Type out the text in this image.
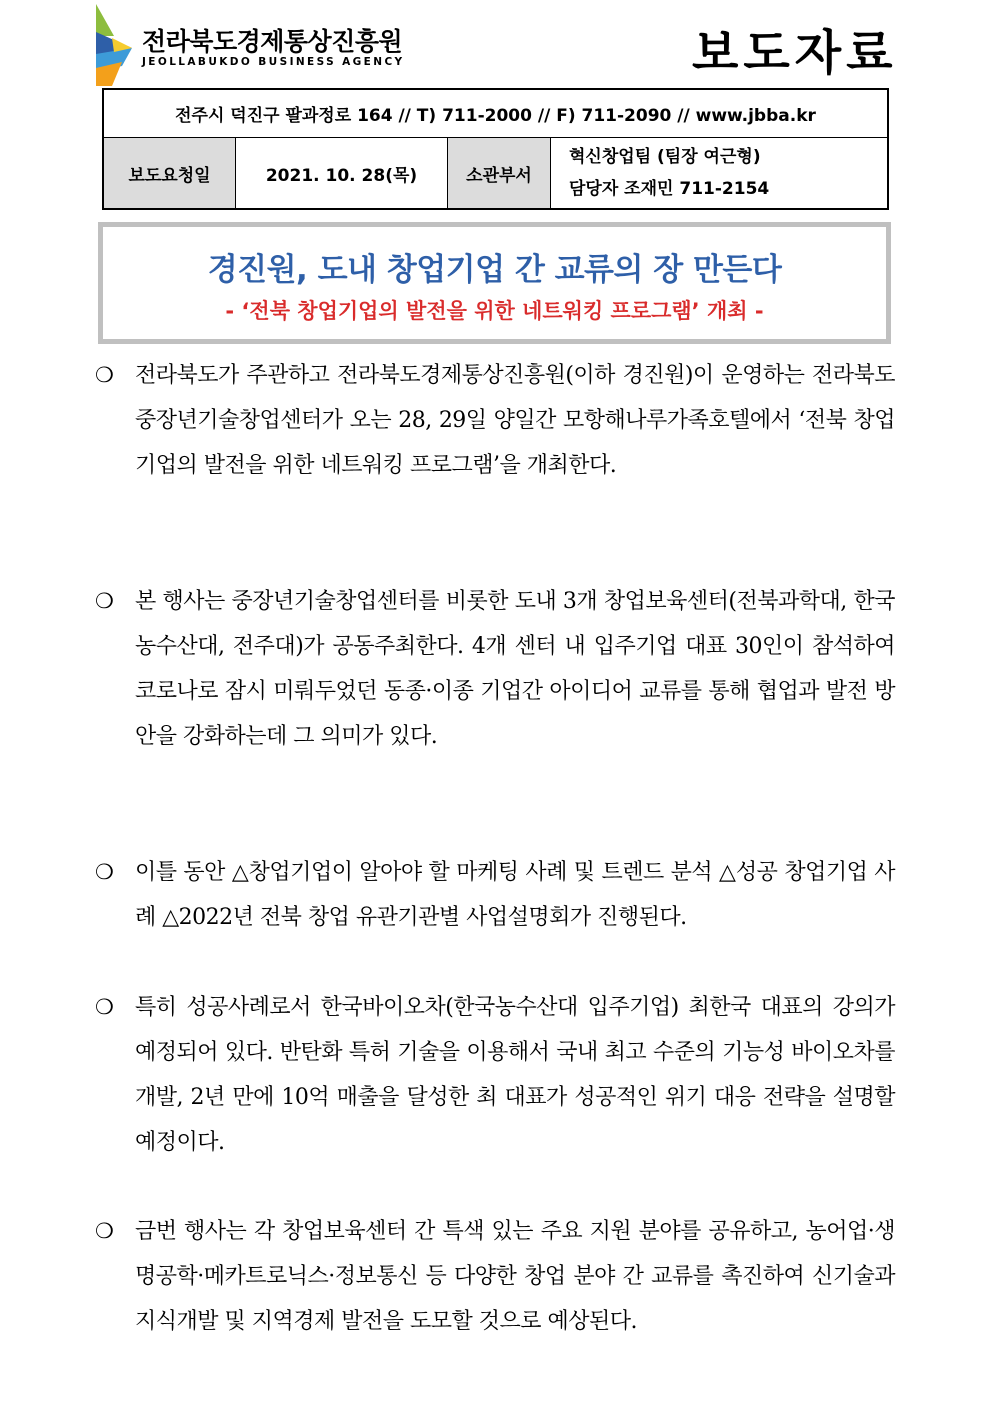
전라북도경제통상진흥원
JEOLLABUKDO BUSINESS AGENCY	보도자료
전주시 덕진구 팔과정로 164 // T) 711-2000 // F) 711-2090 // www.jbba.kr
보도요청일	2021. 10. 28(목)	소관부서
혁신창업팀 (팀장 여근형)
담당자 조재민 711-2154
경진원, 도내 창업기업 간 교류의 장 만든다
- ‘전북 창업기업의 발전을 위한 네트워킹 프로그램’ 개최 -
❍ 전라북도가 주관하고 전라북도경제통상진흥원(이하 경진원)이 운영하는 전라북도중장년기술창업센터가 오는 28, 29일 양일간 모항해나루가족호텔에서 ‘전북 창업기업의 발전을 위한 네트워킹 프로그램’을 개최한다.
❍ 본 행사는 중장년기술창업센터를 비롯한 도내 3개 창업보육센터(전북과학대, 한국농수산대, 전주대)가 공동주최한다. 4개 센터 내 입주기업 대표 30인이 참석하여 코로나로 잠시 미뤄두었던 동종·이종 기업간 아이디어 교류를 통해 협업과 발전 방안을 강화하는데 그 의미가 있다.
❍ 이틀 동안 △창업기업이 알아야 할 마케팅 사례 및 트렌드 분석 △성공 창업기업 사례 △2022년 전북 창업 유관기관별 사업설명회가 진행된다.
❍ 특히 성공사례로서 한국바이오차(한국농수산대 입주기업) 최한국 대표의 강의가 예정되어 있다. 반탄화 특허 기술을 이용해서 국내 최고 수준의 기능성 바이오차를 개발, 2년 만에 10억 매출을 달성한 최 대표가 성공적인 위기 대응 전략을 설명할 예정이다.
❍ 금번 행사는 각 창업보육센터 간 특색 있는 주요 지원 분야를 공유하고, 농어업·생명공학·메카트로닉스·정보통신 등 다양한 창업 분야 간 교류를 촉진하여 신기술과 지식개발 및 지역경제 발전을 도모할 것으로 예상된다.
